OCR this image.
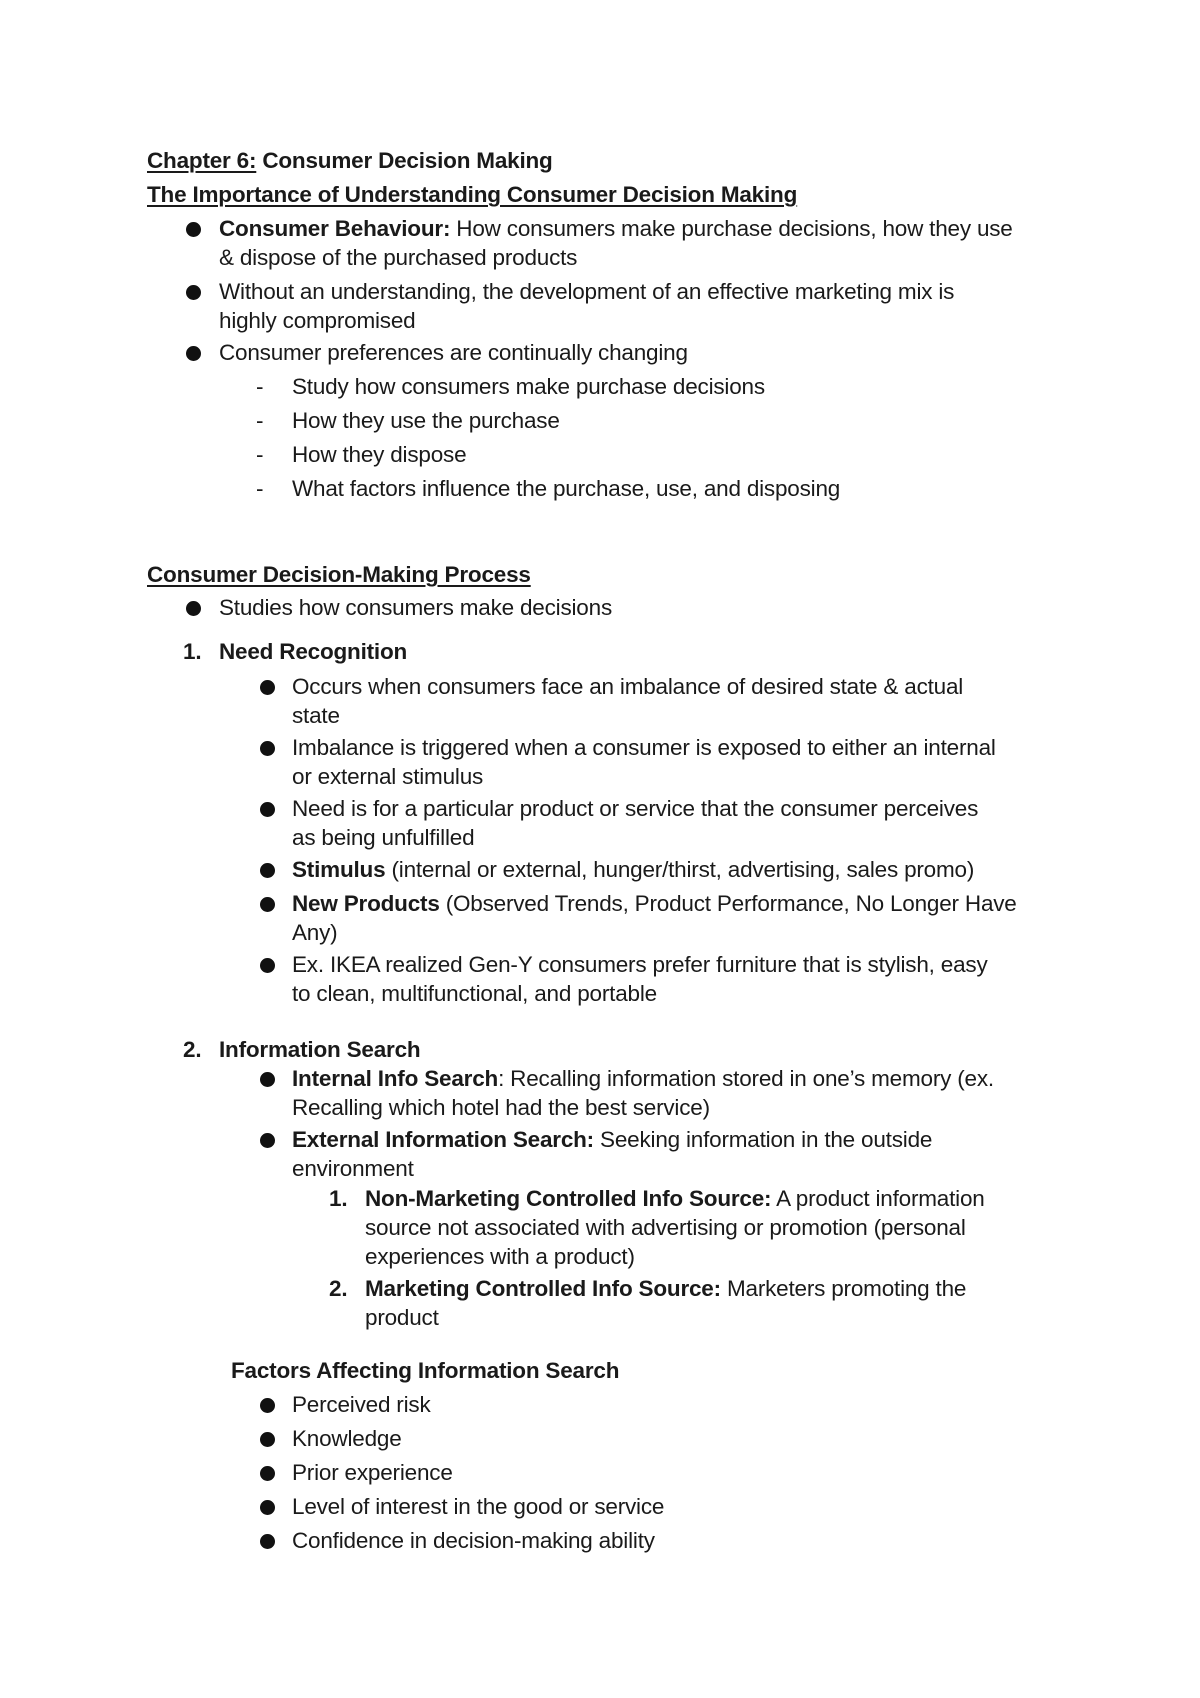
Chapter 6: Consumer Decision Making
The Importance of Understanding Consumer Decision Making
Consumer Behaviour: How consumers make purchase decisions, how they use
& dispose of the purchased products
Without an understanding, the development of an effective marketing mix is
highly compromised
Consumer preferences are continually changing
- Study how consumers make purchase decisions
- How they use the purchase
- How they dispose
- What factors influence the purchase, use, and disposing
Consumer Decision-Making Process
Studies how consumers make decisions
1. Need Recognition
Occurs when consumers face an imbalance of desired state & actual
state
Imbalance is triggered when a consumer is exposed to either an internal
or external stimulus
Need is for a particular product or service that the consumer perceives
as being unfulfilled
Stimulus (internal or external, hunger/thirst, advertising, sales promo)
New Products (Observed Trends, Product Performance, No Longer Have
Any)
Ex. IKEA realized Gen-Y consumers prefer furniture that is stylish, easy
to clean, multifunctional, and portable
2. Information Search
Internal Info Search: Recalling information stored in one’s memory (ex.
Recalling which hotel had the best service)
External Information Search: Seeking information in the outside
environment
1. Non-Marketing Controlled Info Source: A product information
source not associated with advertising or promotion (personal
experiences with a product)
2. Marketing Controlled Info Source: Marketers promoting the
product
Factors Affecting Information Search
Perceived risk
Knowledge
Prior experience
Level of interest in the good or service
Confidence in decision-making ability
